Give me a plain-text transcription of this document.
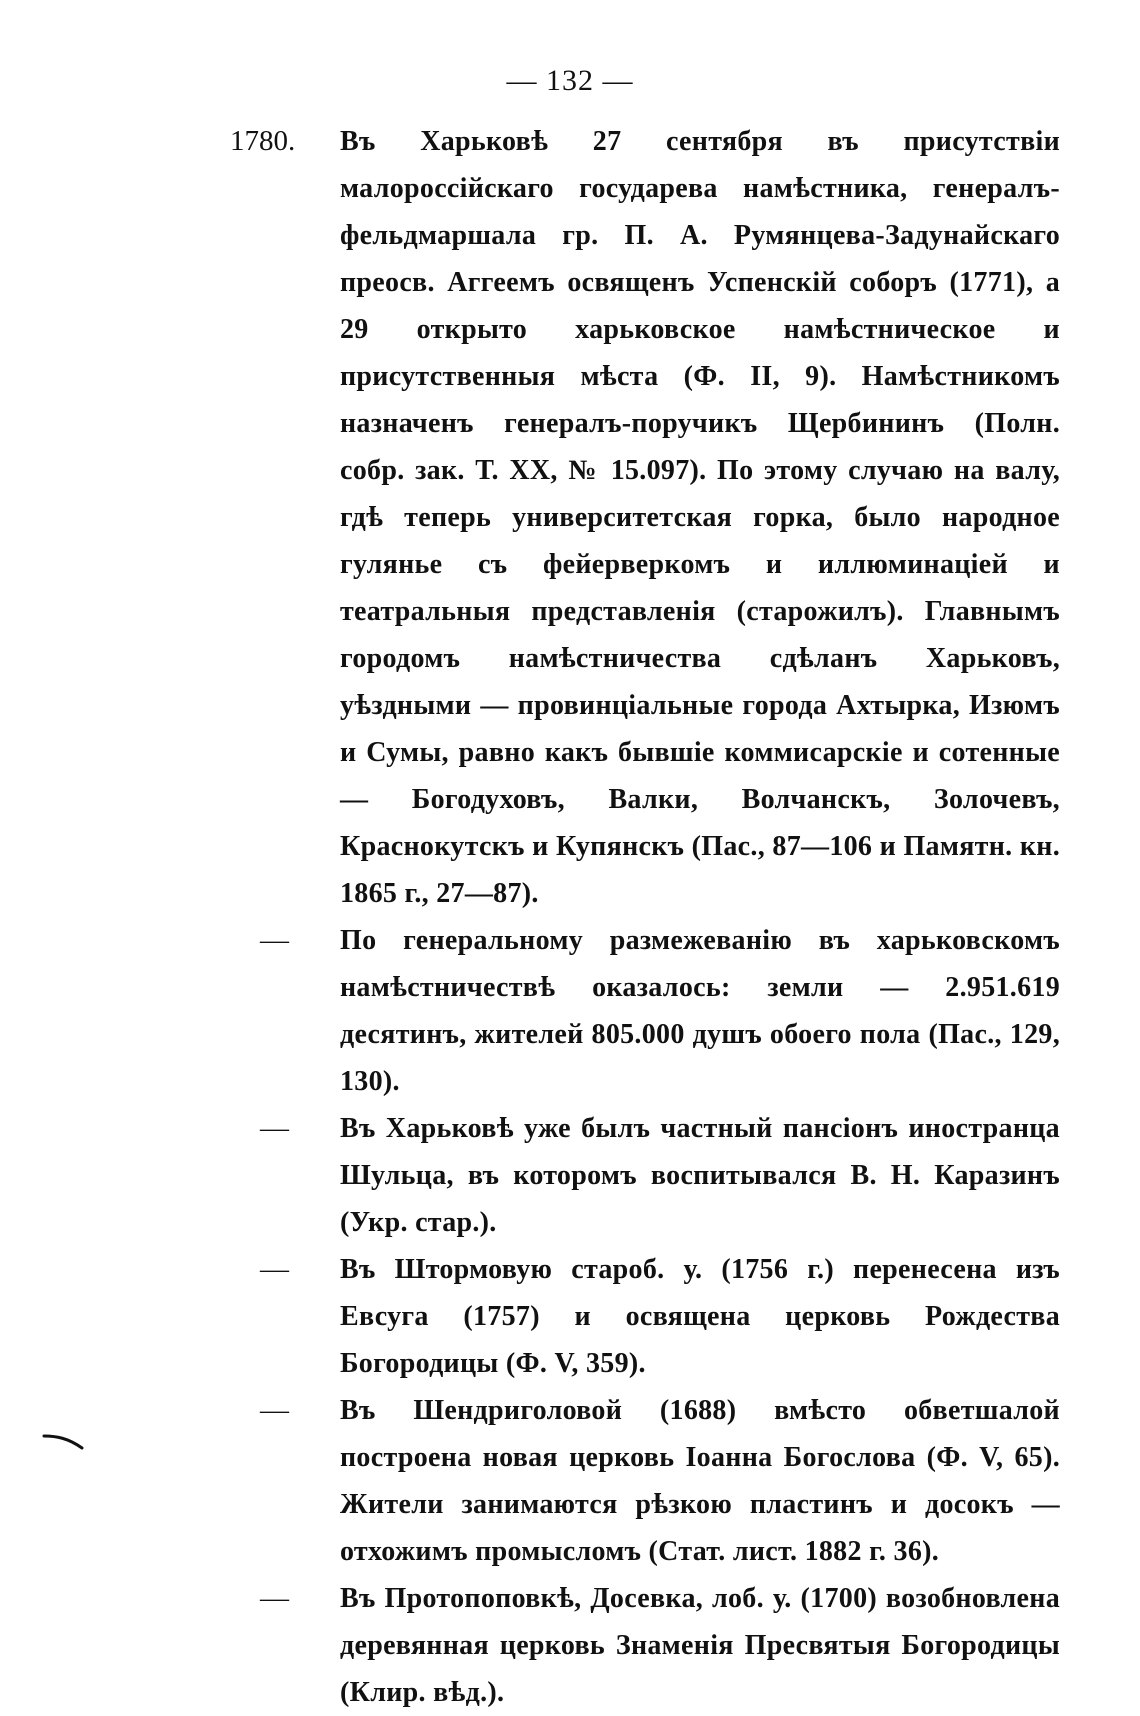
— 132 —
1780.	Въ Харьковѣ 27 сентября въ присутствіи малороссійскаго государева намѣстника, генералъ-фельдмаршала гр. П. А. Румянцева-Задунайскаго преосв. Аггеемъ освященъ Успенскій соборъ (1771), а 29 открыто харьковское намѣстническое и присутственныя мѣста (Ф. II, 9). Намѣстникомъ назначенъ генералъ-поручикъ Щербининъ (Полн. собр. зак. Т. XX, № 15.097). По этому случаю на валу, гдѣ теперь университетская горка, было народное гулянье съ фейерверкомъ и иллюминаціей и театральныя представленія (старожилъ). Главнымъ городомъ намѣстничества сдѣланъ Харьковъ, уѣздными — провинціальные города Ахтырка, Изюмъ и Сумы, равно какъ бывшіе коммисарскіе и сотенные — Богодуховъ, Валки, Волчанскъ, Золочевъ, Краснокутскъ и Купянскъ (Пас., 87—106 и Памятн. кн. 1865 г., 27—87).

—	По генеральному размежеванію въ харьковскомъ намѣстничествѣ оказалось: земли — 2.951.619 десятинъ, жителей 805.000 душъ обоего пола (Пас., 129, 130).

—	Въ Харьковѣ уже былъ частный пансіонъ иностранца Шульца, въ которомъ воспитывался В. Н. Каразинъ (Укр. стар.).

—	Въ Штормовую староб. у. (1756 г.) перенесена изъ Евсуга (1757) и освящена церковь Рождества Богородицы (Ф. V, 359).

—	Въ Шендриголовой (1688) вмѣсто обветшалой построена новая церковь Іоанна Богослова (Ф. V, 65). Жители занимаются рѣзкою пластинъ и досокъ — отхожимъ промысломъ (Стат. лист. 1882 г. 36).

—	Въ Протопоповкѣ, Досевка, лоб. у. (1700) возобновлена деревянная церковь Знаменія Пресвятыя Богородицы (Клир. вѣд.).
